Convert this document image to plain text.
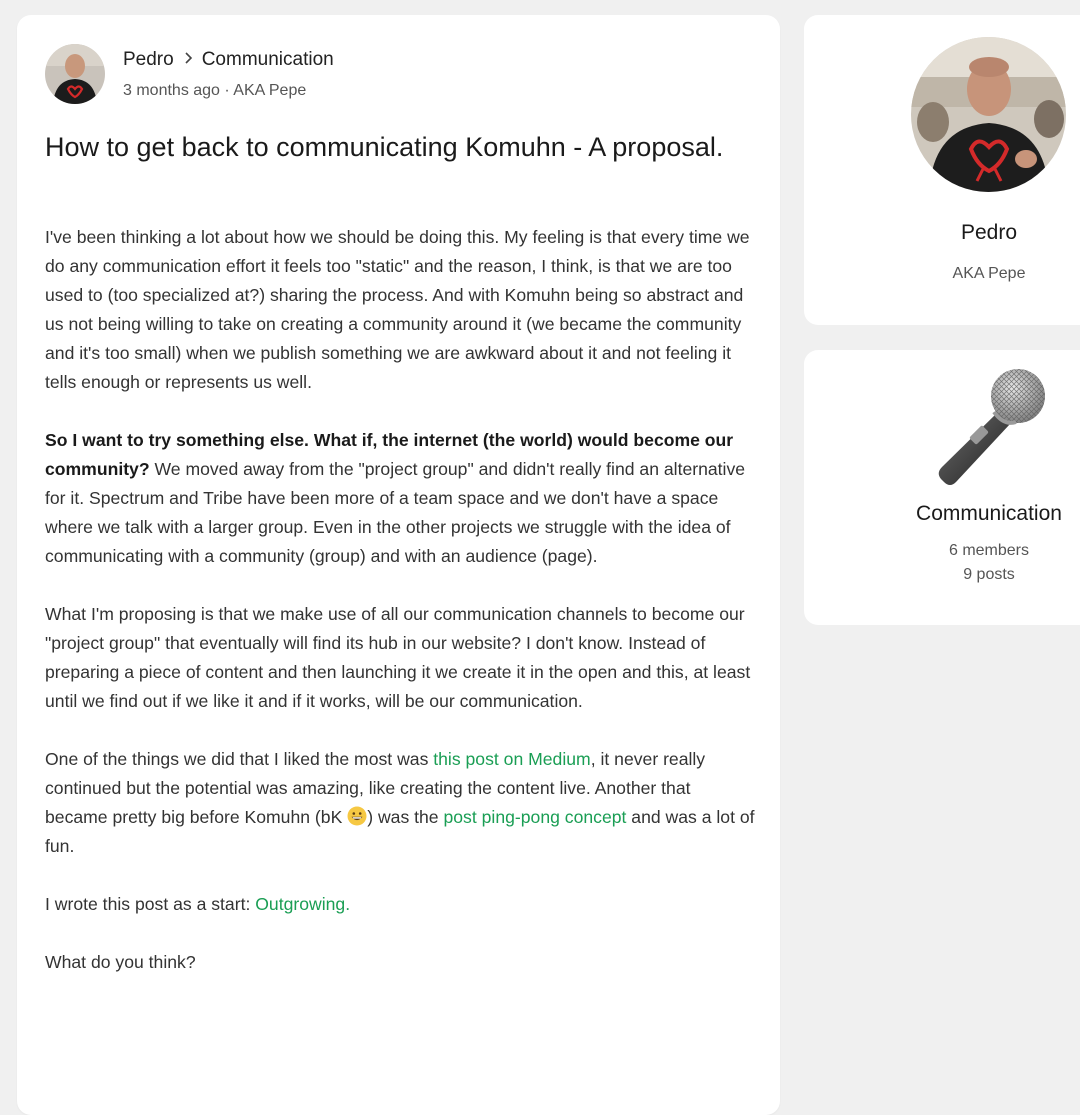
Pedro Communication
3 months ago · AKA Pepe
How to get back to communicating Komuhn - A proposal.

I've been thinking a lot about how we should be doing this. My feeling is that every time we do any communication effort it feels too "static" and the reason, I think, is that we are too used to (too specialized at?) sharing the process. And with Komuhn being so abstract and us not being willing to take on creating a community around it (we became the community and it's too small) when we publish something we are awkward about it and not feeling it tells enough or represents us well.

So I want to try something else. What if, the internet (the world) would become our community? We moved away from the "project group" and didn't really find an alternative for it. Spectrum and Tribe have been more of a team space and we don't have a space where we talk with a larger group. Even in the other projects we struggle with the idea of communicating with a community (group) and with an audience (page).

What I'm proposing is that we make use of all our communication channels to become our "project group" that eventually will find its hub in our website? I don't know. Instead of preparing a piece of content and then launching it we create it in the open and this, at least until we find out if we like it and if it works, will be our communication.

One of the things we did that I liked the most was this post on Medium, it never really continued but the potential was amazing, like creating the content live. Another that became pretty big before Komuhn (bK ) was the post ping-pong concept and was a lot of fun.

I wrote this post as a start: Outgrowing.

What do you think?

Pedro
AKA Pepe
Communication
6 members
9 posts
